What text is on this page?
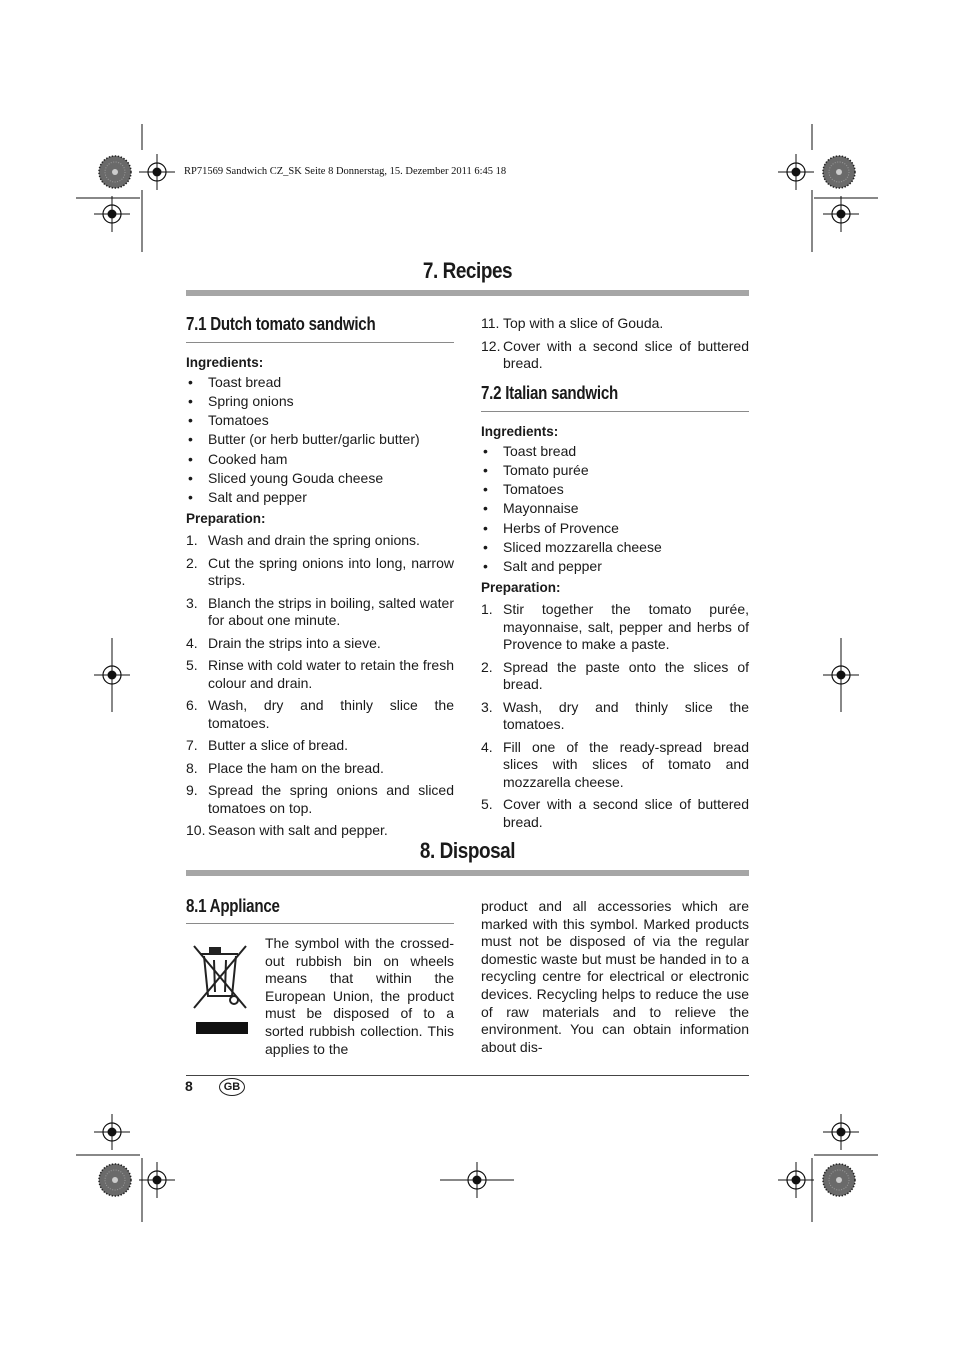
RP71569 Sandwich CZ_SK Seite 8 Donnerstag, 15. Dezember 2011 6:45 18
7. Recipes
7.1 Dutch tomato sandwich
Ingredients:
• Toast bread
• Spring onions
• Tomatoes
• Butter (or herb butter/garlic butter)
• Cooked ham
• Sliced young Gouda cheese
• Salt and pepper
Preparation:
1. Wash and drain the spring onions.
2. Cut the spring onions into long, narrow strips.
3. Blanch the strips in boiling, salted water for about one minute.
4. Drain the strips into a sieve.
5. Rinse with cold water to retain the fresh colour and drain.
6. Wash, dry and thinly slice the tomatoes.
7. Butter a slice of bread.
8. Place the ham on the bread.
9. Spread the spring onions and sliced tomatoes on top.
10. Season with salt and pepper.
11. Top with a slice of Gouda.
12. Cover with a second slice of buttered bread.
7.2 Italian sandwich
Ingredients:
• Toast bread
• Tomato purée
• Tomatoes
• Mayonnaise
• Herbs of Provence
• Sliced mozzarella cheese
• Salt and pepper
Preparation:
1. Stir together the tomato purée, mayonnaise, salt, pepper and herbs of Provence to make a paste.
2. Spread the paste onto the slices of bread.
3. Wash, dry and thinly slice the tomatoes.
4. Fill one of the ready-spread bread slices with slices of tomato and mozzarella cheese.
5. Cover with a second slice of buttered bread.
8. Disposal
8.1 Appliance
The symbol with the crossed-out rubbish bin on wheels means that within the European Union, the product must be disposed of to a sorted rubbish collection. This applies to the
product and all accessories which are marked with this symbol. Marked products must not be disposed of via the regular domestic waste but must be handed in to a recycling centre for electrical or electronic devices. Recycling helps to reduce the use of raw materials and to relieve the environment. You can obtain information about dis-
8	GB
